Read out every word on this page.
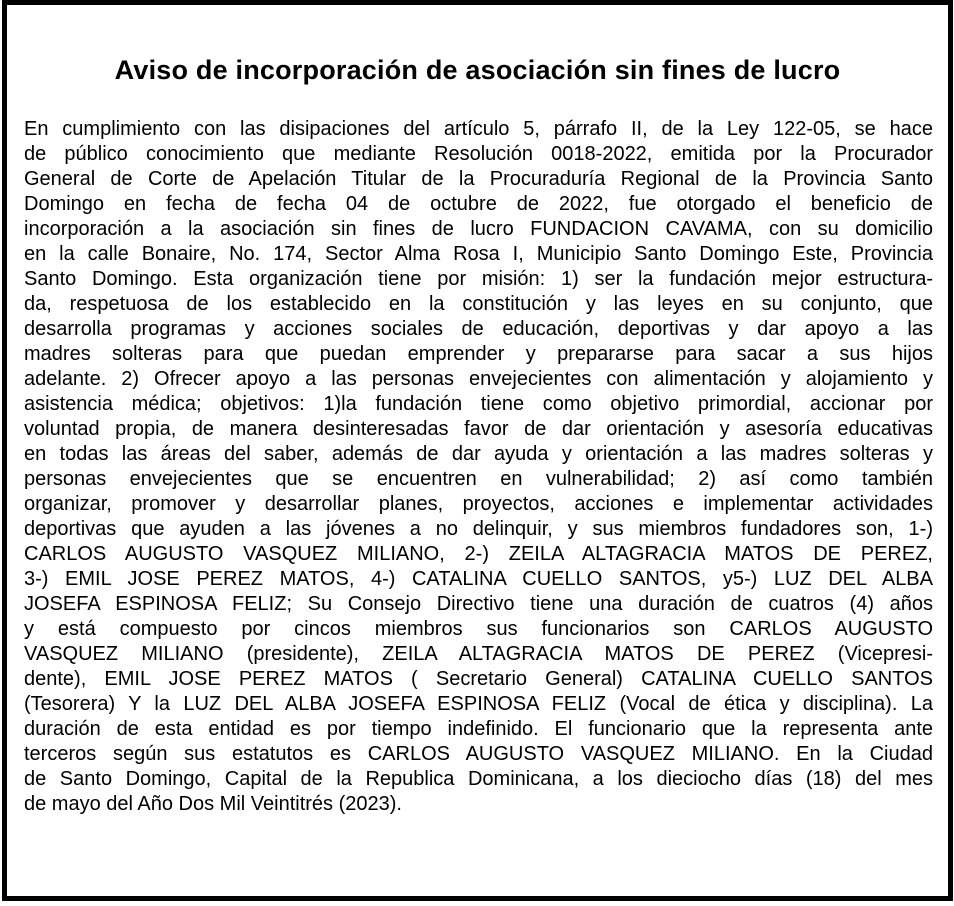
Aviso de incorporación de asociación sin fines de lucro
En cumplimiento con las disipaciones del artículo 5, párrafo II, de la Ley 122-05, se hace
de público conocimiento que mediante Resolución 0018-2022, emitida por la Procurador
General de Corte de Apelación Titular de la Procuraduría Regional de la Provincia Santo
Domingo en fecha de fecha 04 de octubre de 2022, fue otorgado el beneficio de
incorporación a la asociación sin fines de lucro FUNDACION CAVAMA, con su domicilio
en la calle Bonaire, No. 174, Sector Alma Rosa I, Municipio Santo Domingo Este, Provincia
Santo Domingo. Esta organización tiene por misión: 1) ser la fundación mejor estructura-
da, respetuosa de los establecido en la constitución y las leyes en su conjunto, que
desarrolla programas y acciones sociales de educación, deportivas y dar apoyo a las
madres solteras para que puedan emprender y prepararse para sacar a sus hijos
adelante. 2) Ofrecer apoyo a las personas envejecientes con alimentación y alojamiento y
asistencia médica; objetivos: 1)la fundación tiene como objetivo primordial, accionar por
voluntad propia, de manera desinteresadas favor de dar orientación y asesoría educativas
en todas las áreas del saber, además de dar ayuda y orientación a las madres solteras y
personas envejecientes que se encuentren en vulnerabilidad; 2) así como también
organizar, promover y desarrollar planes, proyectos, acciones e implementar actividades
deportivas que ayuden a las jóvenes a no delinquir, y sus miembros fundadores son, 1-)
CARLOS AUGUSTO VASQUEZ MILIANO, 2-) ZEILA ALTAGRACIA MATOS DE PEREZ,
3-) EMIL JOSE PEREZ MATOS, 4-) CATALINA CUELLO SANTOS, y5-) LUZ DEL ALBA
JOSEFA ESPINOSA FELIZ; Su Consejo Directivo tiene una duración de cuatros (4) años
y está compuesto por cincos miembros sus funcionarios son CARLOS AUGUSTO
VASQUEZ MILIANO (presidente), ZEILA ALTAGRACIA MATOS DE PEREZ (Vicepresi-
dente), EMIL JOSE PEREZ MATOS ( Secretario General) CATALINA CUELLO SANTOS
(Tesorera) Y la LUZ DEL ALBA JOSEFA ESPINOSA FELIZ (Vocal de ética y disciplina). La
duración de esta entidad es por tiempo indefinido. El funcionario que la representa ante
terceros según sus estatutos es CARLOS AUGUSTO VASQUEZ MILIANO. En la Ciudad
de Santo Domingo, Capital de la Republica Dominicana, a los dieciocho días (18) del mes
de mayo del Año Dos Mil Veintitrés (2023).
